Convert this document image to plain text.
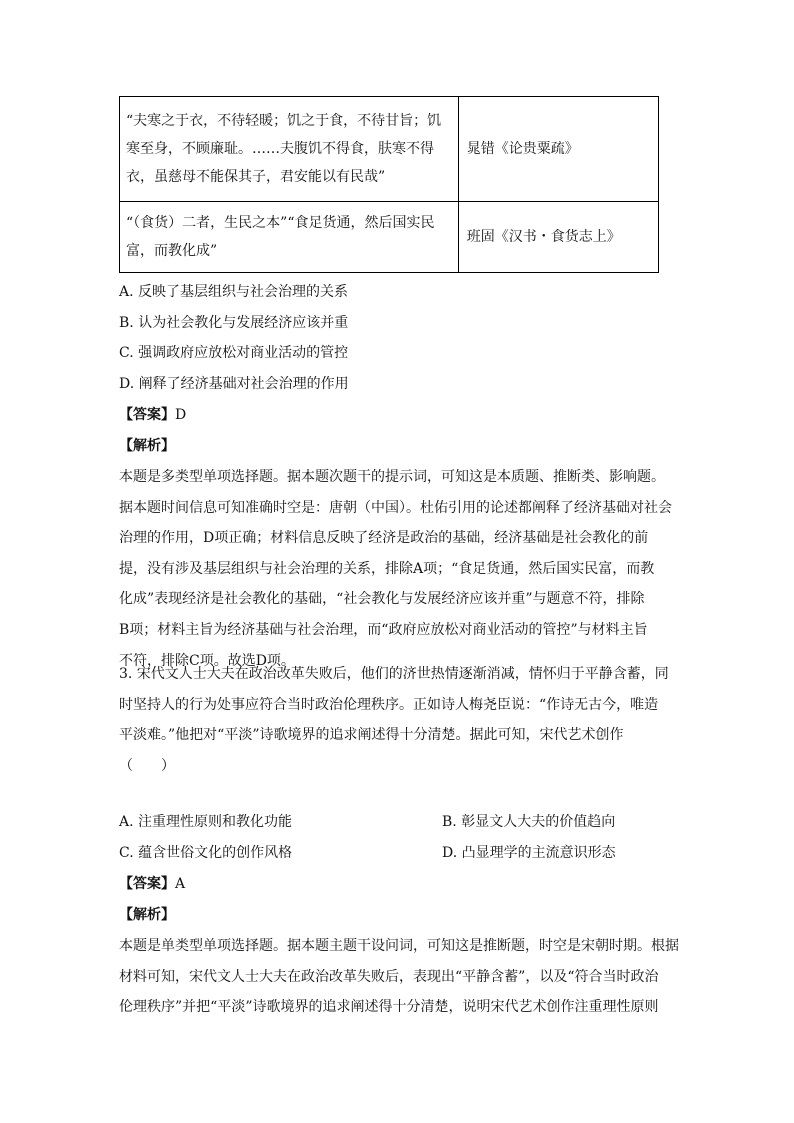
“夫寒之于衣，不待轻暖；饥之于食，不待甘旨；饥寒至身，不顾廉耻。……夫腹饥不得食，肤寒不得衣，虽慈母不能保其子，君安能以有民哉”	晁错《论贵粟疏》
“（食货）二者，生民之本”“食足货通，然后国实民富，而教化成”	班固《汉书・食货志上》
A. 反映了基层组织与社会治理的关系
B. 认为社会教化与发展经济应该并重
C. 强调政府应放松对商业活动的管控
D. 阐释了经济基础对社会治理的作用
【答案】D
【解析】

本题是多类型单项选择题。据本题次题干的提示词，可知这是本质题、推断类、影响题。

据本题时间信息可知准确时空是：唐朝（中国）。杜佑引用的论述都阐释了经济基础对社会

治理的作用，D项正确；材料信息反映了经济是政治的基础，经济基础是社会教化的前

提，没有涉及基层组织与社会治理的关系，排除A项；“食足货通，然后国实民富，而教

化成”表现经济是社会教化的基础，“社会教化与发展经济应该并重”与题意不符，排除

B项；材料主旨为经济基础与社会治理，而“政府应放松对商业活动的管控”与材料主旨

不符，排除C项。故选D项。

3. 宋代文人士大夫在政治改革失败后，他们的济世热情逐渐消减，情怀归于平静含蓄，同

时坚持人的行为处事应符合当时政治伦理秩序。正如诗人梅尧臣说：“作诗无古今，唯造

平淡难。”他把对“平淡”诗歌境界的追求阐述得十分清楚。据此可知，宋代艺术创作

（　　）

A. 注重理性原则和教化功能	B. 彰显文人大夫的价值趋向
C. 蕴含世俗文化的创作风格	D. 凸显理学的主流意识形态
【答案】A
【解析】

本题是单类型单项选择题。据本题主题干设问词，可知这是推断题，时空是宋朝时期。根据

材料可知，宋代文人士大夫在政治改革失败后，表现出“平静含蓄”，以及“符合当时政治

伦理秩序”并把“平淡”诗歌境界的追求阐述得十分清楚，说明宋代艺术创作注重理性原则
